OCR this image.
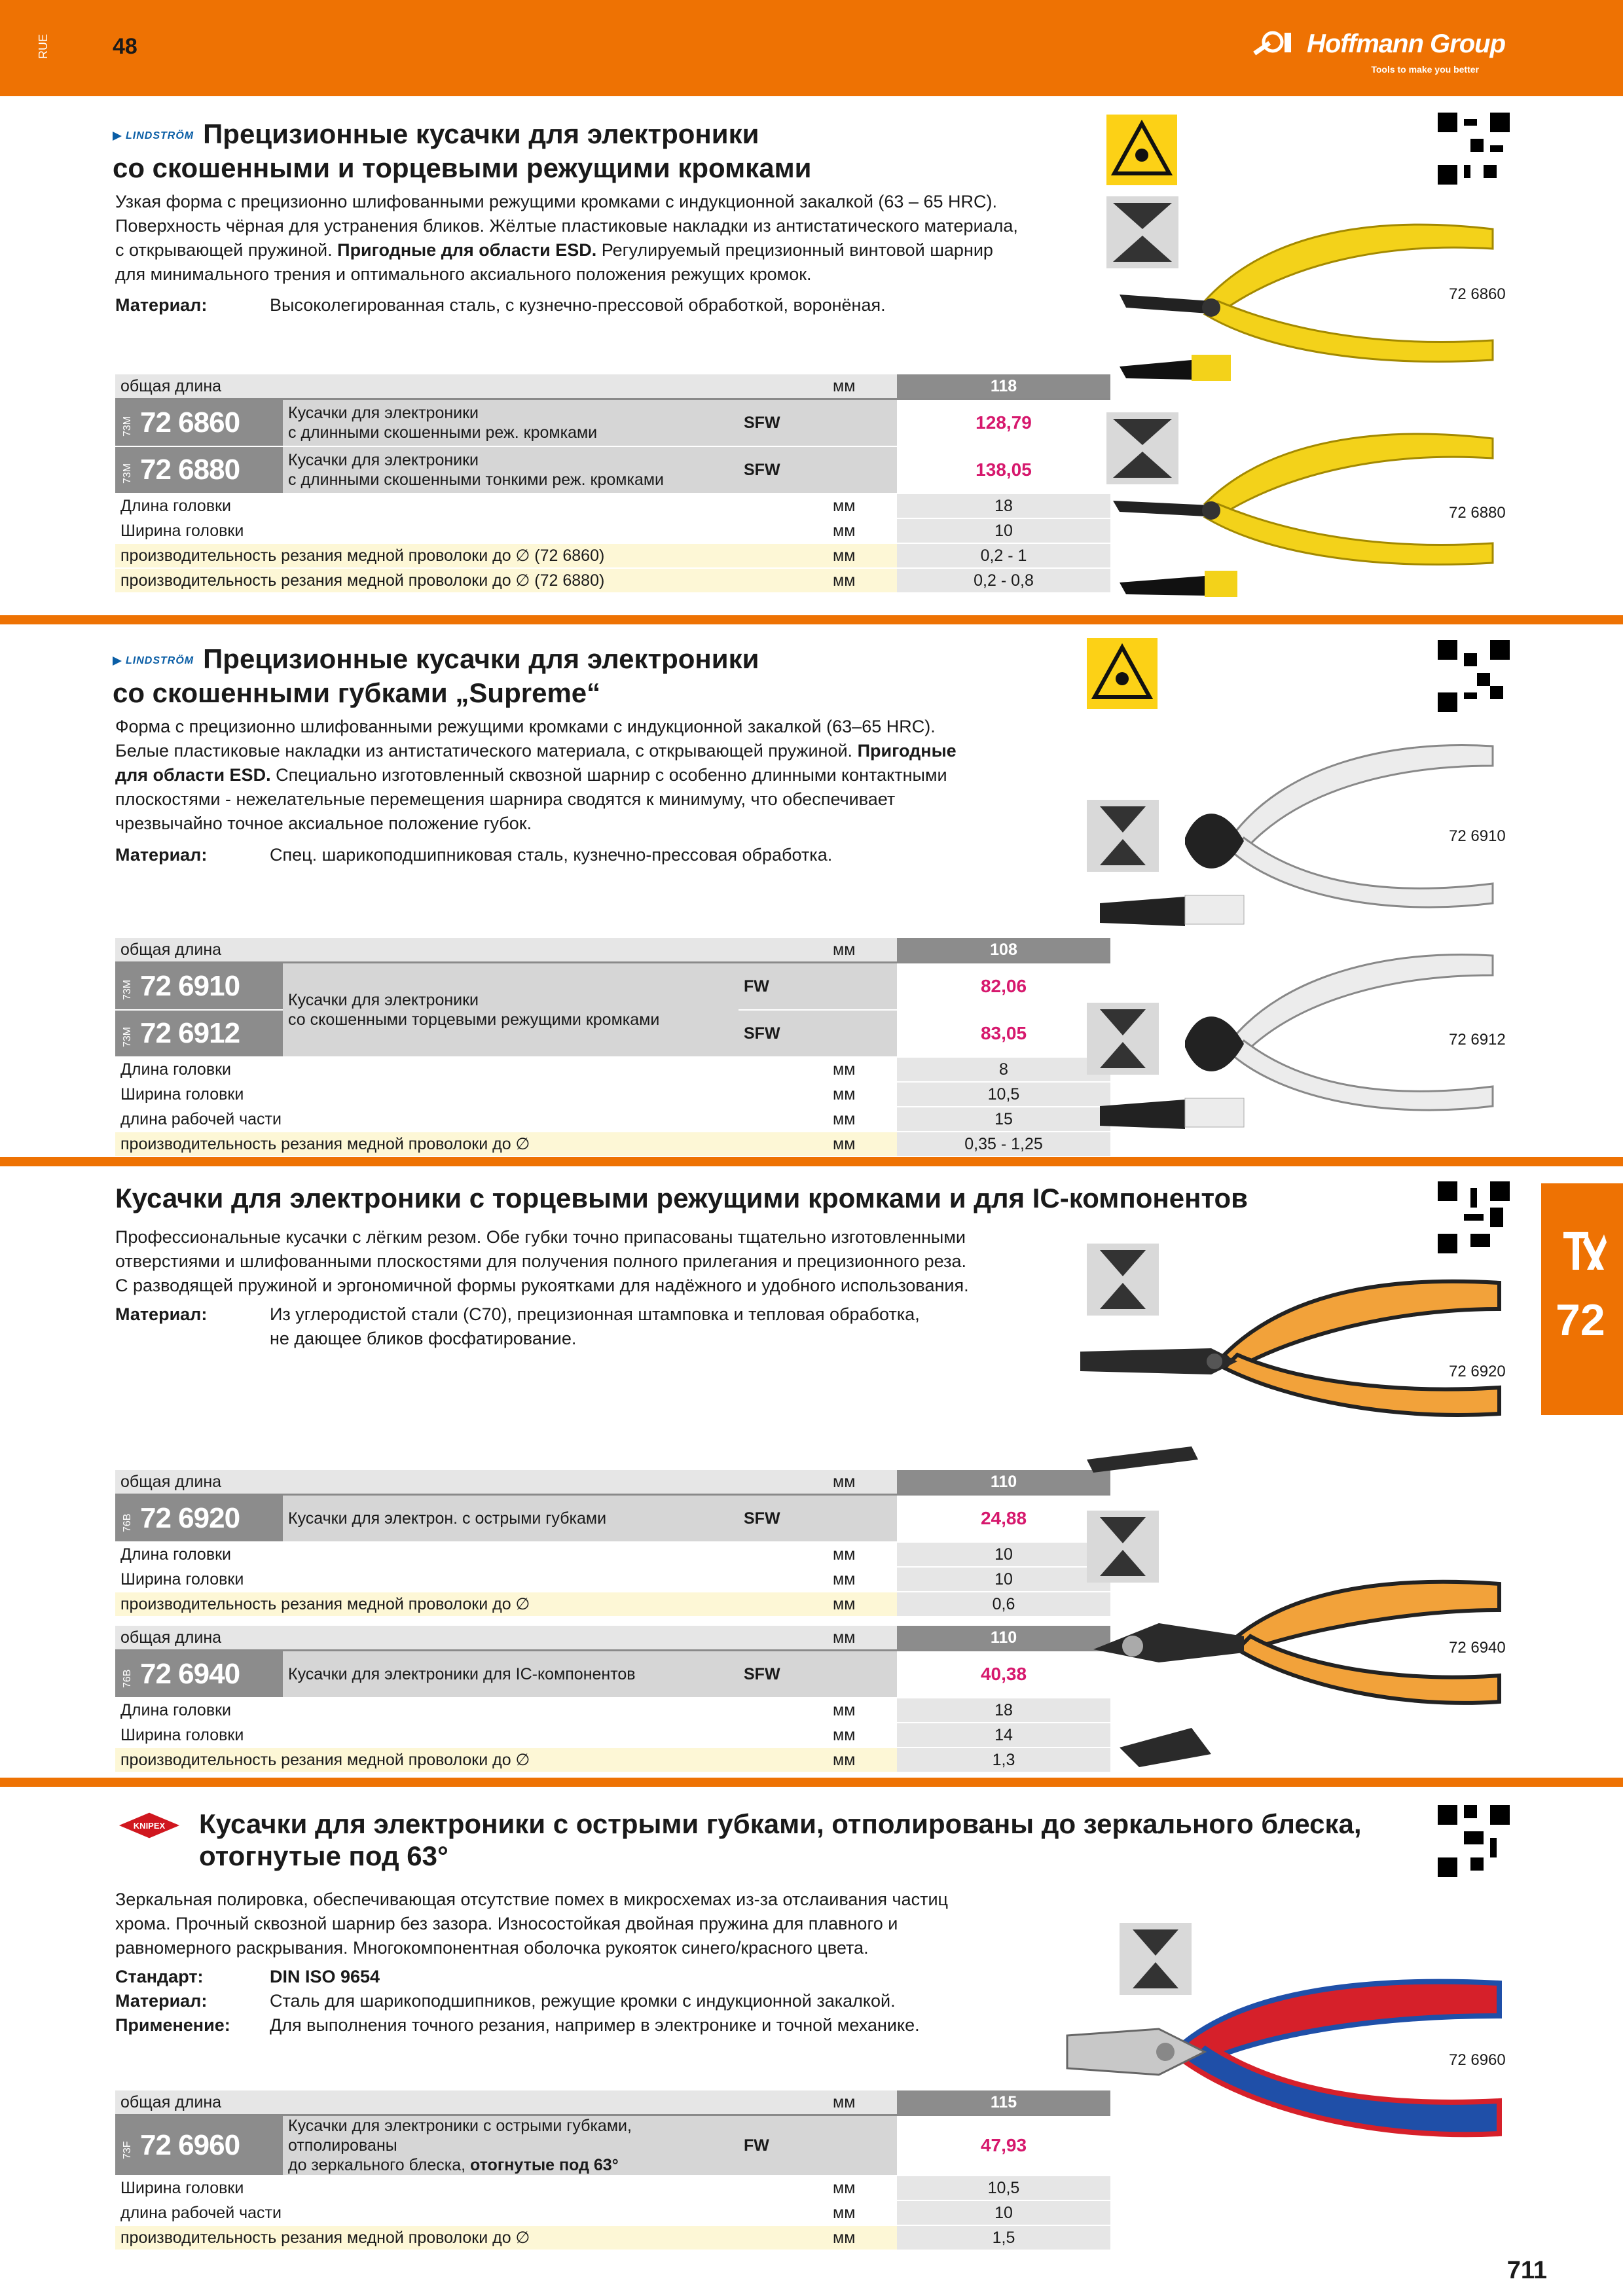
RUE	48	Hoffmann Group
Tools to make you better
LINDSTRÖM Прецизионные кусачки для электроники
со скошенными и торцевыми режущими кромками
Узкая форма с прецизионно шлифованными режущими кромками с индукционной закалкой (63 – 65 HRC).
Поверхность чёрная для устранения бликов. Жёлтые пластиковые накладки из антистатического материала,
с открывающей пружиной. Пригодные для области ESD. Регулируемый прецизионный винтовой шарнир
для минимального трения и оптимального аксиального положения режущих кромок.
Материал:	Высоколегированная сталь, с кузнечно-прессовой обработкой, воронёная.
общая длина			мм	118
73M 72 6860	Кусачки для электроники
с длинными скошенными реж. кромками	SFW		128,79
73M 72 6880	Кусачки для электроники
с длинными скошенными тонкими реж. кромками	SFW		138,05
Длина головки			мм	18
Ширина головки			мм	10
производительность резания медной проволоки до ∅ (72 6860)			мм	0,2 - 1
производительность резания медной проволоки до ∅ (72 6880)			мм	0,2 - 0,8
72 6860
72 6880
LINDSTRÖM Прецизионные кусачки для электроники
со скошенными губками „Supreme“
Форма с прецизионно шлифованными режущими кромками с индукционной закалкой (63–65 HRC).
Белые пластиковые накладки из антистатического материала, с открывающей пружиной. Пригодные
для области ESD. Специально изготовленный сквозной шарнир с особенно длинными контактными
плоскостями - нежелательные перемещения шарнира сводятся к минимуму, что обеспечивает
чрезвычайно точное аксиальное положение губок.
Материал:	Спец. шарикоподшипниковая сталь, кузнечно-прессовая обработка.
общая длина			мм	108
73M 72 6910	Кусачки для электроники
со скошенными торцевыми режущими кромками	FW		82,06
73M 72 6912		SFW		83,05
Длина головки			мм	8
Ширина головки			мм	10,5
длина рабочей части			мм	15
производительность резания медной проволоки до ∅			мм	0,35 - 1,25
72 6910
72 6912
Кусачки для электроники с торцевыми режущими кромками и для IC-компонентов
Профессиональные кусачки с лёгким резом. Обе губки точно припасованы тщательно изготовленными
отверстиями и шлифованными плоскостями для получения полного прилегания и прецизионного реза.
С разводящей пружиной и эргономичной формы рукоятками для надёжного и удобного использования.
Материал:	Из углеродистой стали (C70), прецизионная штамповка и тепловая обработка,
не дающее бликов фосфатирование.
общая длина			мм	110
76B 72 6920	Кусачки для электрон. с острыми губками	SFW		24,88
Длина головки			мм	10
Ширина головки			мм	10
производительность резания медной проволоки до ∅			мм	0,6
общая длина			мм	110
76B 72 6940	Кусачки для электроники для IC-компонентов	SFW		40,38
Длина головки			мм	18
Ширина головки			мм	14
производительность резания медной проволоки до ∅			мм	1,3
72 6920
72 6940
72
KNIPEX Кусачки для электроники с острыми губками, отполированы до зеркального блеска,
отогнутые под 63°
Зеркальная полировка, обеспечивающая отсутствие помех в микросхемах из-за отслаивания частиц
хрома. Прочный сквозной шарнир без зазора. Износостойкая двойная пружина для плавного и
равномерного раскрывания. Многокомпонентная оболочка рукояток синего/красного цвета.
Стандарт:	DIN ISO 9654
Материал:	Сталь для шарикоподшипников, режущие кромки с индукционной закалкой.
Применение: Для выполнения точного резания, например в электронике и точной механике.
общая длина			мм	115
73F 72 6960	Кусачки для электроники с острыми губками, отполированы
до зеркального блеска, отогнутые под 63°	FW		47,93
Ширина головки			мм	10,5
длина рабочей части			мм	10
производительность резания медной проволоки до ∅			мм	1,5
72 6960
711
